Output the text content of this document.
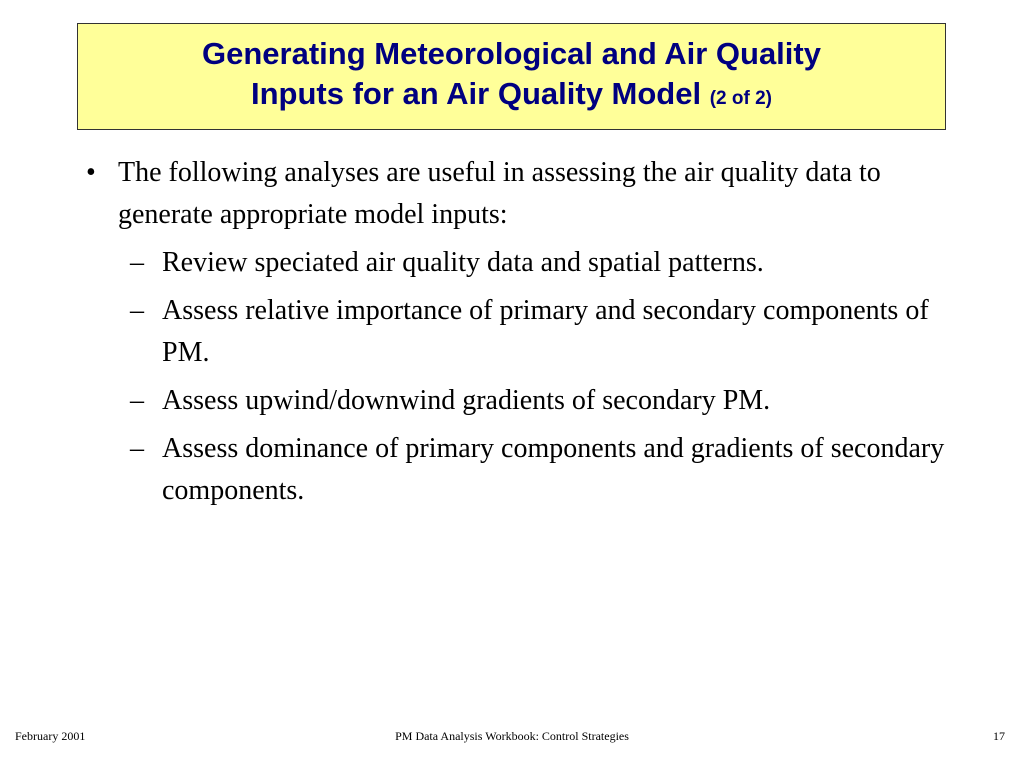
Generating Meteorological and Air Quality
Inputs for an Air Quality Model (2 of 2)
• The following analyses are useful in assessing the air quality data to generate appropriate model inputs:
– Review speciated air quality data and spatial patterns.
– Assess relative importance of primary and secondary components of PM.
– Assess upwind/downwind gradients of secondary PM.
– Assess dominance of primary components and gradients of secondary components.
February 2001	PM Data Analysis Workbook: Control Strategies	17
